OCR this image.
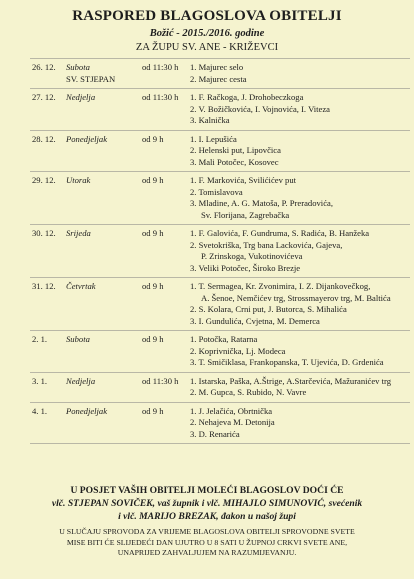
RASPORED BLAGOSLOVA OBITELJI
Božić - 2015./2016. godine
ZA ŽUPU SV. ANE - KRIŽEVCI
26. 12.	Subota
SV. STJEPAN
od 11:30 h	1. Majurec selo
2. Majurec cesta
27. 12.	Nedjelja	od 11:30 h	1. F. Račkoga, J. Drohobeczkoga
2. V. Božičkovića, I. Vojnovića, I. Viteza
3. Kalnička
28. 12.	Ponedjeljak	od 9 h	1. I. Lepušića
2. Helenski put, Lipovčica
3. Mali Potočec, Kosovec
29. 12.	Utorak	od 9 h	1. F. Markovića, Svilićićev put
2. Tomislavova
3. Mladine, A. G. Matoša, P. Preradovića,
Sv. Florijana, Zagrebačka
30. 12.	Srijeda	od 9 h	1. F. Galovića, F. Gundruma, S. Radića, B. Hanžeka
2. Svetokriška, Trg bana Lackovića, Gajeva,
P. Zrinskoga, Vukotinovićeva
3. Veliki Potočec, Široko Brezje
31. 12.	Četvrtak	od 9 h	1. T. Sermagea, Kr. Zvonimira, I. Z. Dijankovečkog,
A. Šenoe, Nemčićev trg, Strossmayerov trg, M. Baltića
2. S. Kolara, Crni put, J. Butorca, S. Mihalića
3. I. Gundulića, Cvjetna, M. Demerca
2. 1.	Subota	od 9 h	1. Potočka, Ratarna
2. Koprivnička, Lj. Modeca
3. T. Smičiklasa, Frankopanska, T. Ujevića, D. Grdenića
3. 1.	Nedjelja	od 11:30 h	1. Istarska, Paška, A.Štrige, A.Starčevića, Mažuranićev trg
2. M. Gupca, S. Rubido, N. Vavre
4. 1.	Ponedjeljak	od 9 h	1. J. Jelačića, Obrtnička
2. Nehajeva M. Detonija
3. D. Renarića
U POSJET VAŠIH OBITELJI MOLEĆI BLAGOSLOV DOĆI ĆE
vlč. STJEPAN SOVIČEK, vaš župnik i vlč. MIHAJLO SIMUNOVIĆ, svećenik
i vlč. MARIJO BREZAK, đakon u našoj župi
U SLUČAJU SPROVODA ZA VRIJEME BLAGOSLOVA OBITELJI SPROVODNE SVETE
MISE BITI ĆE SLIJEDEĆI DAN UJUTRO U 8 SATI U ŽUPNOJ CRKVI SVETE ANE,
UNAPRIJED ZAHVALJUJEM NA RAZUMIJEVANJU.
